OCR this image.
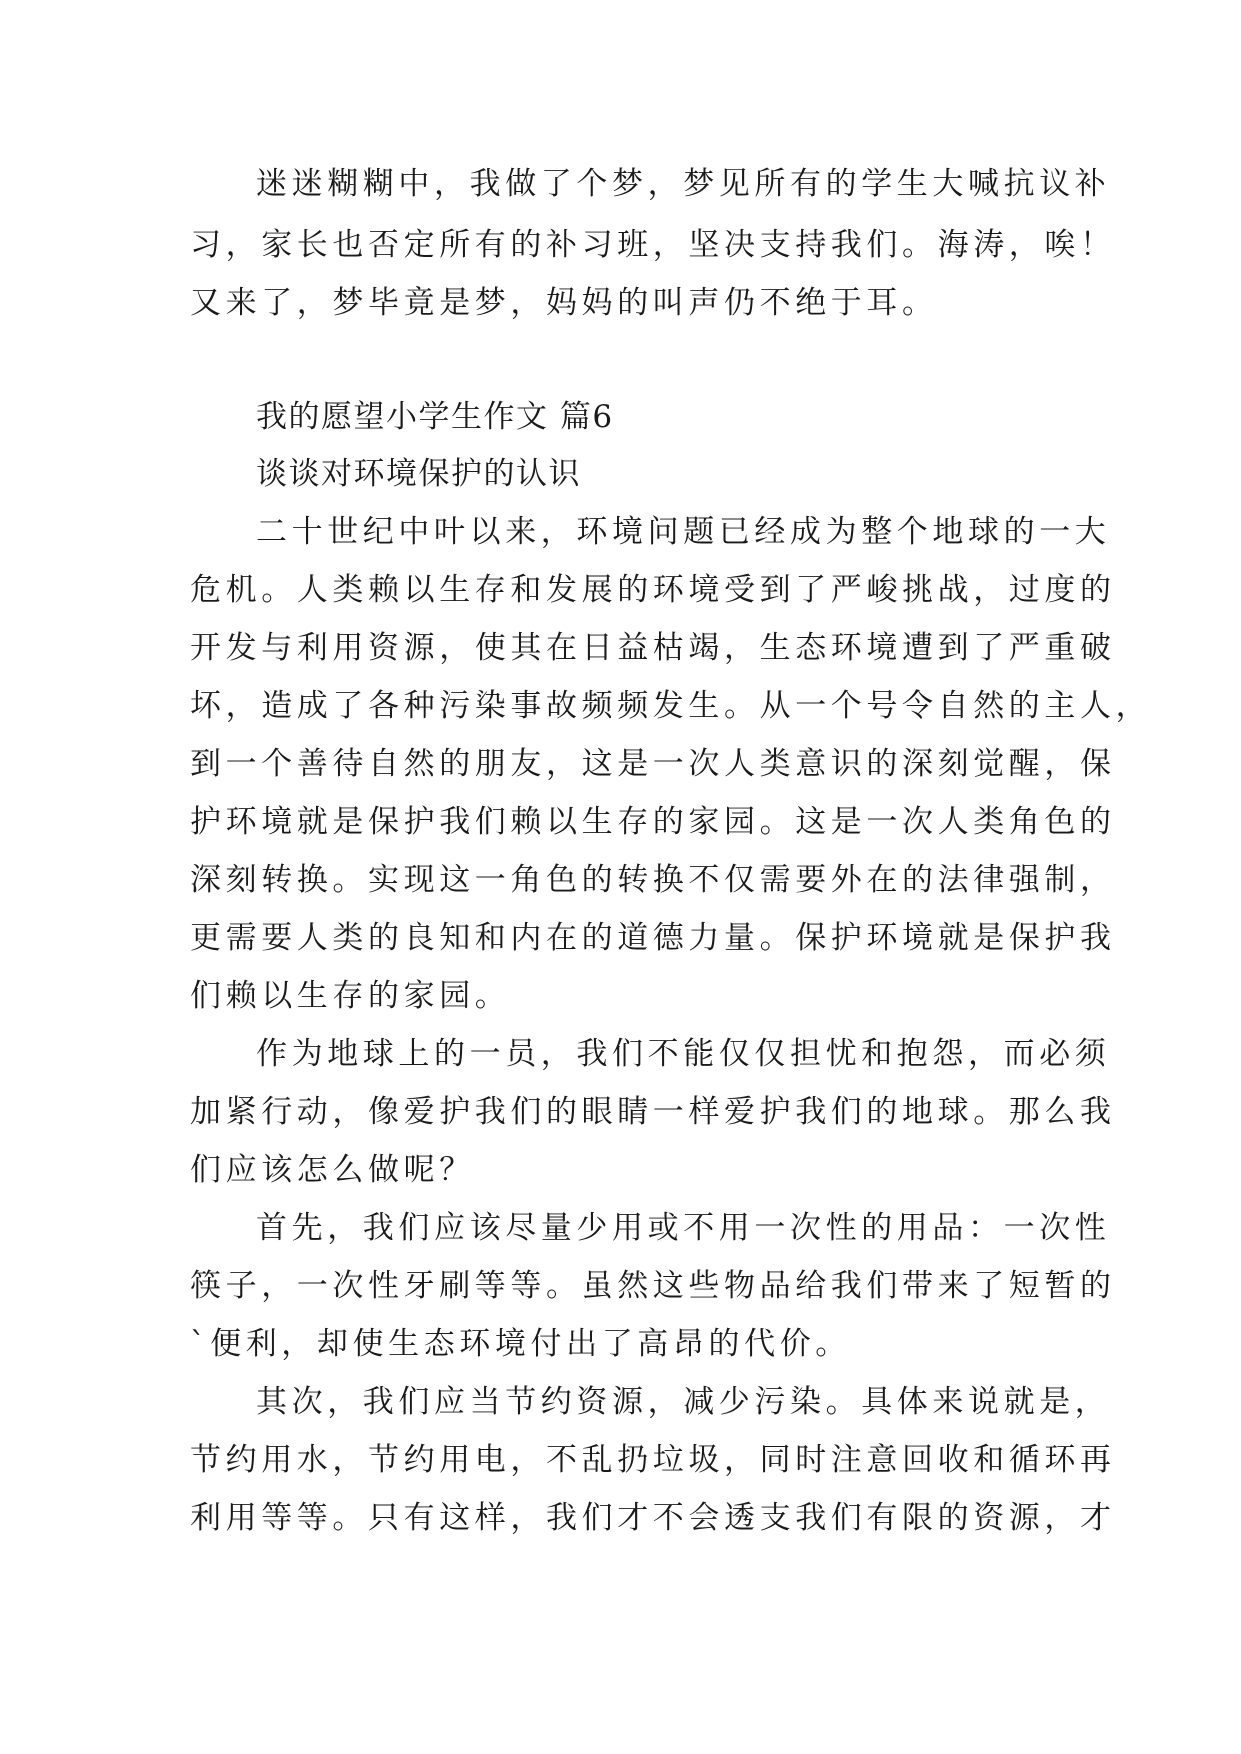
迷迷糊糊中，我做了个梦，梦见所有的学生大喊抗议补
习，家长也否定所有的补习班，坚决支持我们。海涛，唉！
又来了，梦毕竟是梦，妈妈的叫声仍不绝于耳。
我的愿望小学生作文 篇6
谈谈对环境保护的认识
二十世纪中叶以来，环境问题已经成为整个地球的一大
危机。人类赖以生存和发展的环境受到了严峻挑战，过度的
开发与利用资源，使其在日益枯竭，生态环境遭到了严重破
坏，造成了各种污染事故频频发生。从一个号令自然的主人，
到一个善待自然的朋友，这是一次人类意识的深刻觉醒，保
护环境就是保护我们赖以生存的家园。这是一次人类角色的
深刻转换。实现这一角色的转换不仅需要外在的法律强制，
更需要人类的良知和内在的道德力量。保护环境就是保护我
们赖以生存的家园。
作为地球上的一员，我们不能仅仅担忧和抱怨，而必须
加紧行动，像爱护我们的眼睛一样爱护我们的地球。那么我
们应该怎么做呢？
首先，我们应该尽量少用或不用一次性的用品：一次性
筷子，一次性牙刷等等。虽然这些物品给我们带来了短暂的
`便利，却使生态环境付出了高昂的代价。
其次，我们应当节约资源，减少污染。具体来说就是，
节约用水，节约用电，不乱扔垃圾，同时注意回收和循环再
利用等等。只有这样，我们才不会透支我们有限的资源，才
